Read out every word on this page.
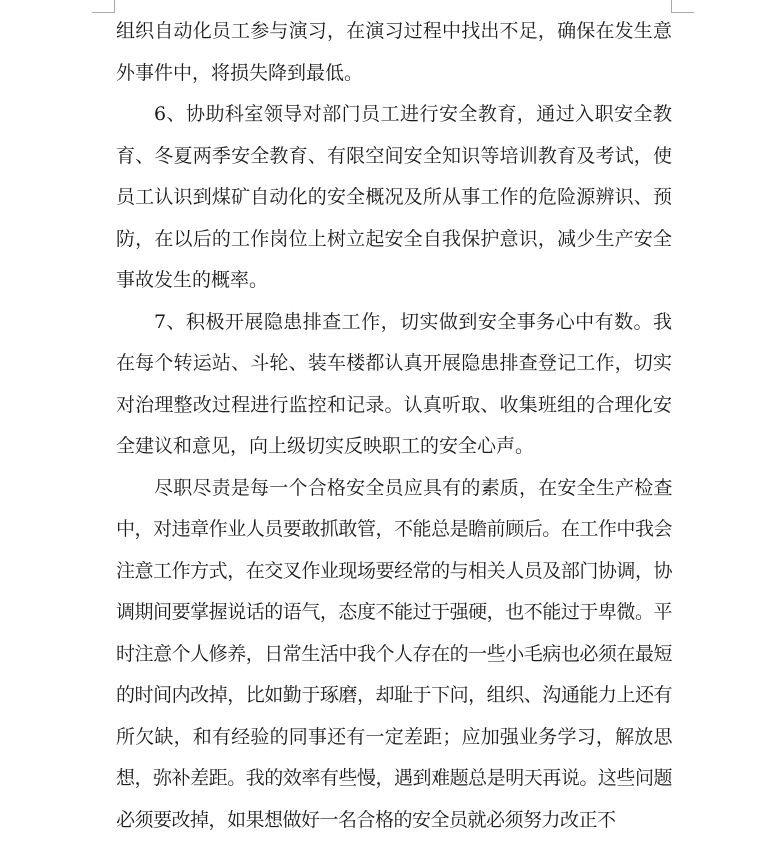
组织自动化员工参与演习，在演习过程中找出不足，确保在发生意外事件中，将损失降到最低。

6、协助科室领导对部门员工进行安全教育，通过入职安全教育、冬夏两季安全教育、有限空间安全知识等培训教育及考试，使员工认识到煤矿自动化的安全概况及所从事工作的危险源辨识、预防，在以后的工作岗位上树立起安全自我保护意识，减少生产安全事故发生的概率。

7、积极开展隐患排查工作，切实做到安全事务心中有数。我在每个转运站、斗轮、装车楼都认真开展隐患排查登记工作，切实对治理整改过程进行监控和记录。认真听取、收集班组的合理化安全建议和意见，向上级切实反映职工的安全心声。

尽职尽责是每一个合格安全员应具有的素质，在安全生产检查中，对违章作业人员要敢抓敢管，不能总是瞻前顾后。在工作中我会注意工作方式，在交叉作业现场要经常的与相关人员及部门协调，协调期间要掌握说话的语气，态度不能过于强硬，也不能过于卑微。平时注意个人修养，日常生活中我个人存在的一些小毛病也必须在最短的时间内改掉，比如勤于琢磨，却耻于下问，组织、沟通能力上还有所欠缺，和有经验的同事还有一定差距；应加强业务学习，解放思想，弥补差距。我的效率有些慢，遇到难题总是明天再说。这些问题必须要改掉，如果想做好一名合格的安全员就必须努力改正不
